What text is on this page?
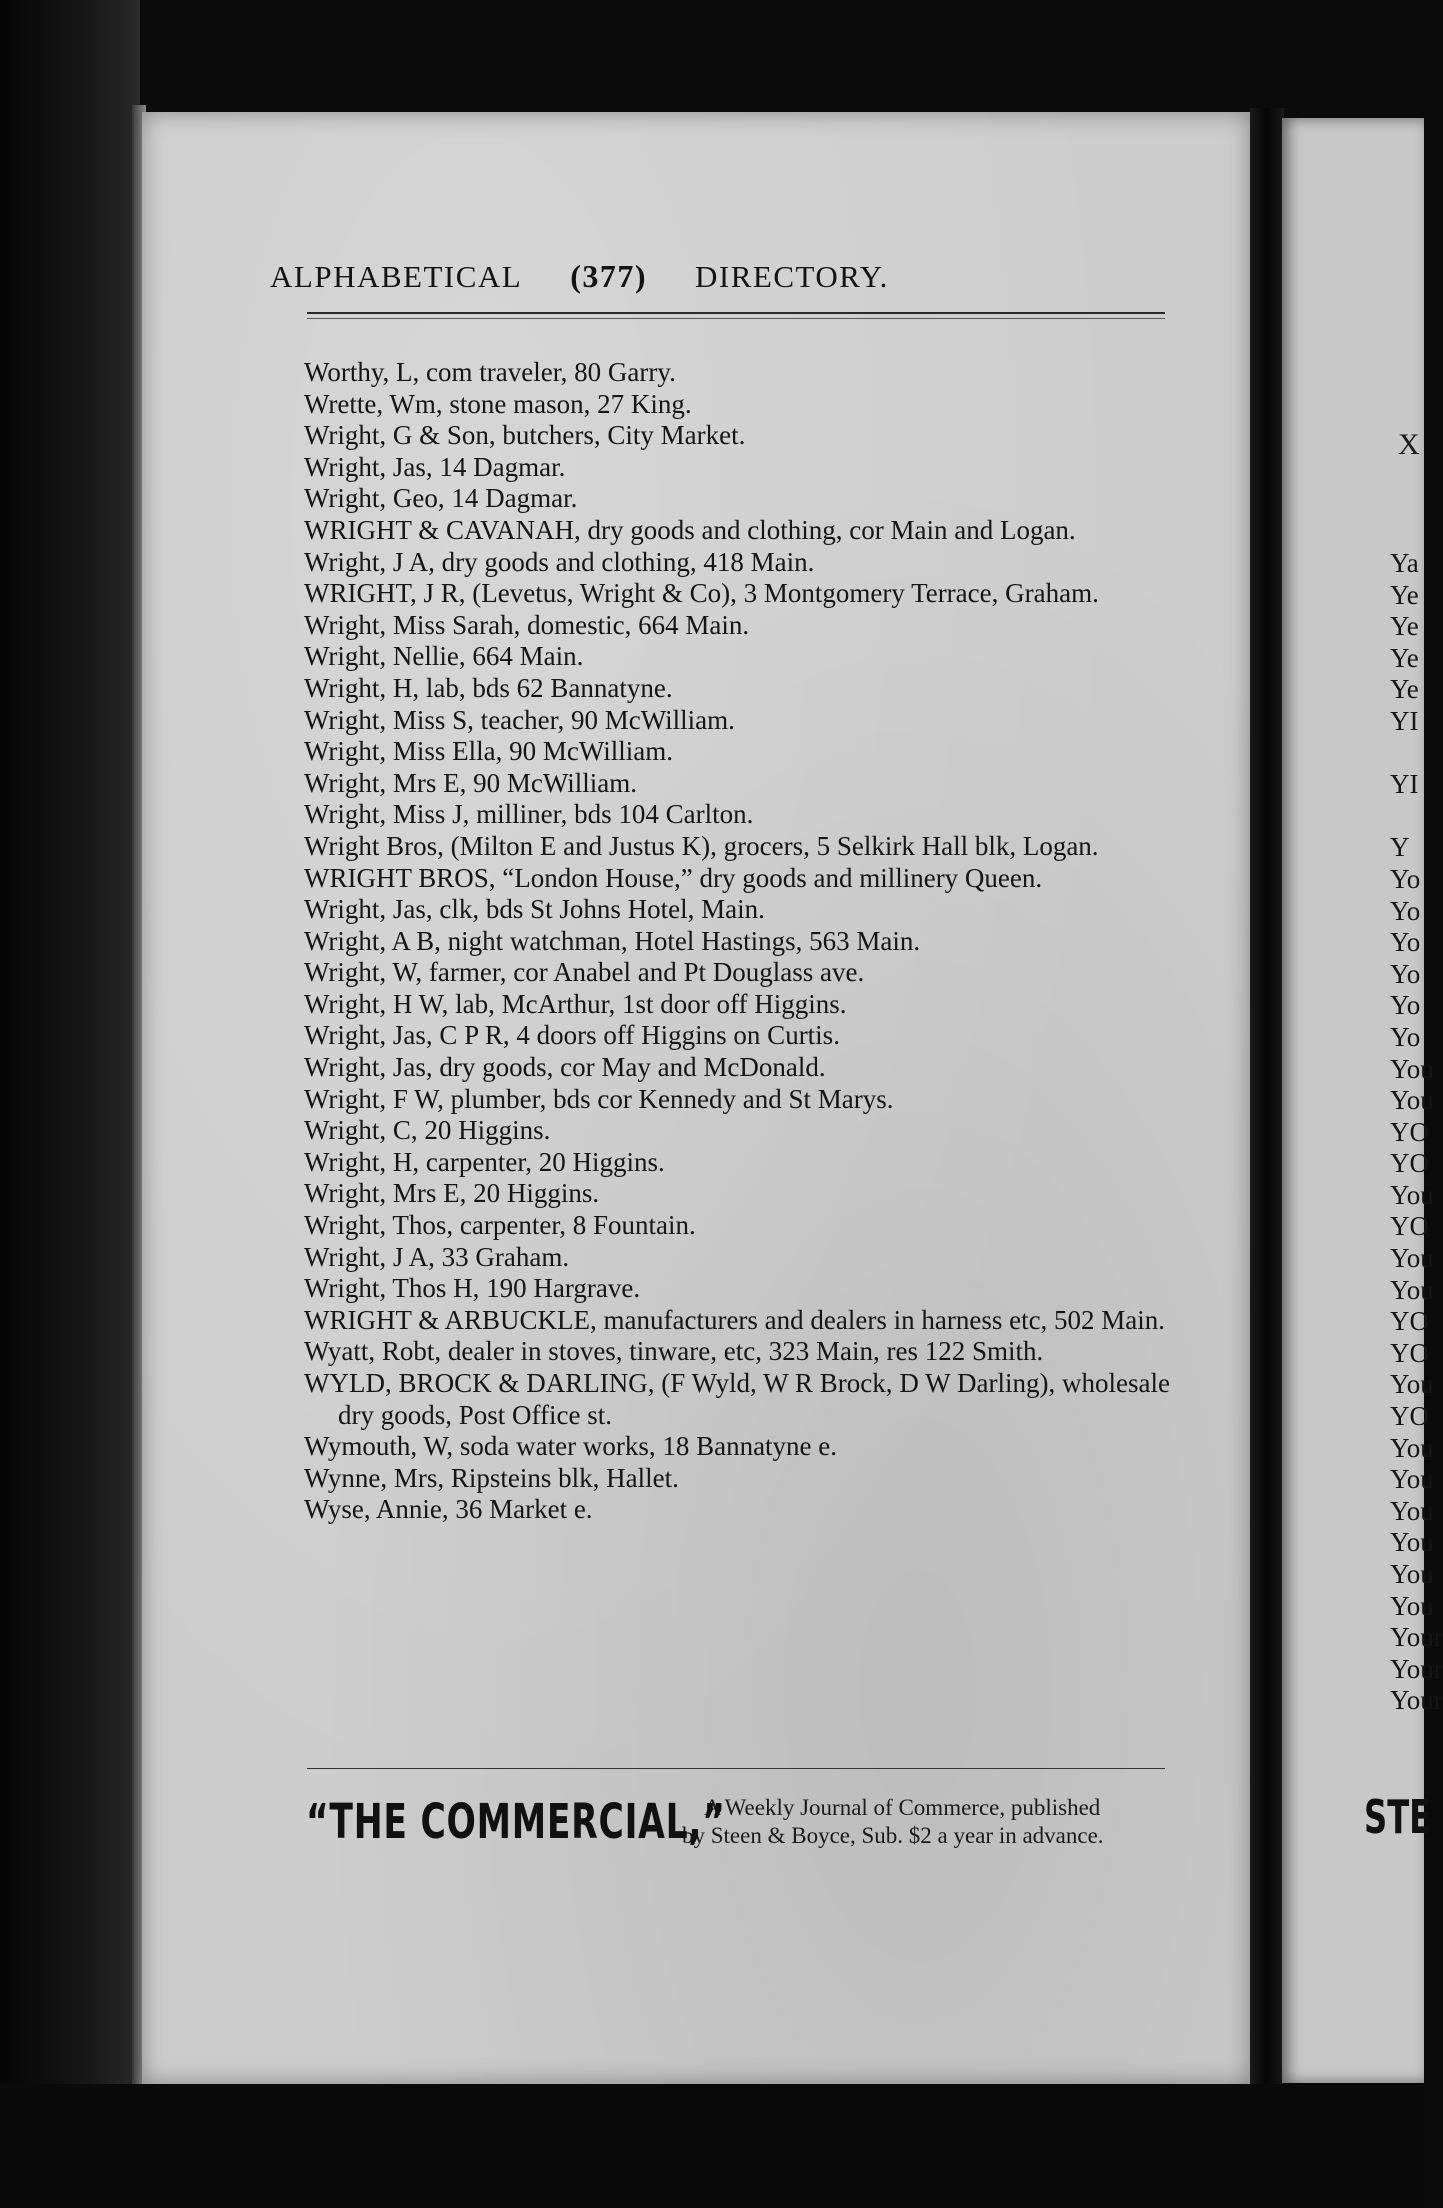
ALPHABETICAL (377) DIRECTORY.
Worthy, L, com traveler, 80 Garry.
Wrette, Wm, stone mason, 27 King.
Wright, G & Son, butchers, City Market.
Wright, Jas, 14 Dagmar.
Wright, Geo, 14 Dagmar.
WRIGHT & CAVANAH, dry goods and clothing, cor Main and Logan.
Wright, J A, dry goods and clothing, 418 Main.
WRIGHT, J R, (Levetus, Wright & Co), 3 Montgomery Terrace, Graham.
Wright, Miss Sarah, domestic, 664 Main.
Wright, Nellie, 664 Main.
Wright, H, lab, bds 62 Bannatyne.
Wright, Miss S, teacher, 90 McWilliam.
Wright, Miss Ella, 90 McWilliam.
Wright, Mrs E, 90 McWilliam.
Wright, Miss J, milliner, bds 104 Carlton.
Wright Bros, (Milton E and Justus K), grocers, 5 Selkirk Hall blk, Logan.
WRIGHT BROS, “London House,” dry goods and millinery Queen.
Wright, Jas, clk, bds St Johns Hotel, Main.
Wright, A B, night watchman, Hotel Hastings, 563 Main.
Wright, W, farmer, cor Anabel and Pt Douglass ave.
Wright, H W, lab, McArthur, 1st door off Higgins.
Wright, Jas, C P R, 4 doors off Higgins on Curtis.
Wright, Jas, dry goods, cor May and McDonald.
Wright, F W, plumber, bds cor Kennedy and St Marys.
Wright, C, 20 Higgins.
Wright, H, carpenter, 20 Higgins.
Wright, Mrs E, 20 Higgins.
Wright, Thos, carpenter, 8 Fountain.
Wright, J A, 33 Graham.
Wright, Thos H, 190 Hargrave.
WRIGHT & ARBUCKLE, manufacturers and dealers in harness etc, 502 Main.
Wyatt, Robt, dealer in stoves, tinware, etc, 323 Main, res 122 Smith.
WYLD, BROCK & DARLING, (F Wyld, W R Brock, D W Darling), wholesale dry goods, Post Office st.
Wymouth, W, soda water works, 18 Bannatyne e.
Wynne, Mrs, Ripsteins blk, Hallet.
Wyse, Annie, 36 Market e.
“THE COMMERCIAL,”
A Weekly Journal of Commerce, published
by Steen & Boyce, Sub. $2 a year in advance.
X
Ya
Ye
Ye
Ye
Ye
YI

YI

Y
Yo
Yo
Yo
Yo
Yo
Yo
You
You
YO
YO
You
YO
You
You
YO
YO
You
YO
You
You
You
You
You
You
Your
Your
Your
STE
